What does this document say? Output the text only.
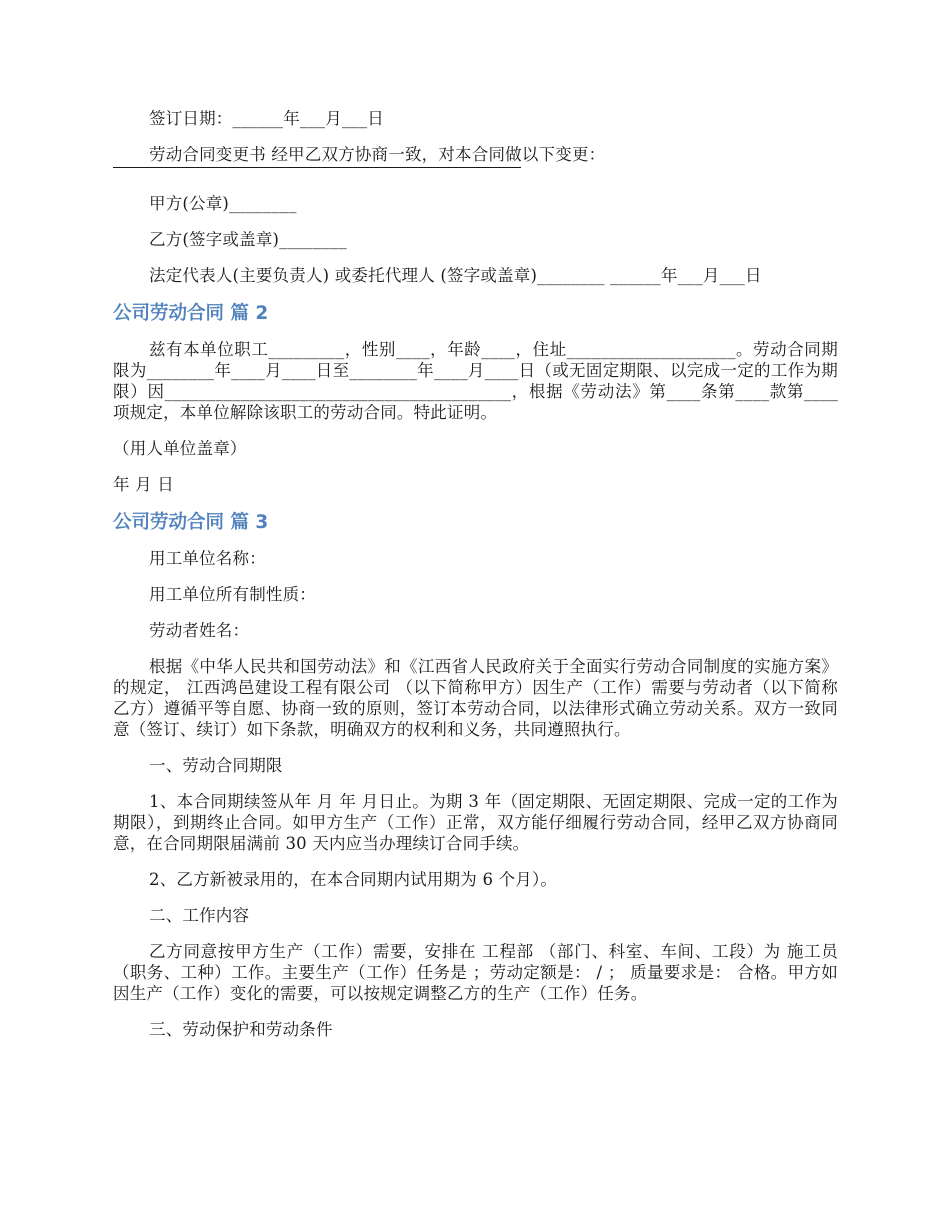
签订日期：______年___月___日

劳动合同变更书 经甲乙双方协商一致，对本合同做以下变更：

甲方(公章)________

乙方(签字或盖章)________

法定代表人(主要负责人) 或委托代理人 (签字或盖章)________ ______年___月___日

公司劳动合同 篇 2

兹有本单位职工_________，性别____，年龄____，住址____________________。劳动合同期限为________年____月____日至________年____月____日（或无固定期限、以完成一定的工作为期限）因_________________________________________，根据《劳动法》第____条第____款第____项规定，本单位解除该职工的劳动合同。特此证明。

（用人单位盖章）

年 月 日

公司劳动合同 篇 3

用工单位名称：

用工单位所有制性质：

劳动者姓名：

根据《中华人民共和国劳动法》和《江西省人民政府关于全面实行劳动合同制度的实施方案》的规定， 江西鸿邑建设工程有限公司 （以下简称甲方）因生产（工作）需要与劳动者（以下简称乙方）遵循平等自愿、协商一致的原则，签订本劳动合同，以法律形式确立劳动关系。双方一致同意（签订、续订）如下条款，明确双方的权利和义务，共同遵照执行。

一、劳动合同期限

1、本合同期续签从年 月 年 月日止。为期 3 年（固定期限、无固定期限、完成一定的工作为期限），到期终止合同。如甲方生产（工作）正常，双方能仔细履行劳动合同，经甲乙双方协商同意，在合同期限届满前 30 天内应当办理续订合同手续。

2、乙方新被录用的，在本合同期内试用期为 6 个月）。

二、工作内容

乙方同意按甲方生产（工作）需要，安排在 工程部 （部门、科室、车间、工段）为 施工员（职务、工种）工作。主要生产（工作）任务是 ；劳动定额是： / ； 质量要求是： 合格。甲方如因生产（工作）变化的需要，可以按规定调整乙方的生产（工作）任务。

三、劳动保护和劳动条件
